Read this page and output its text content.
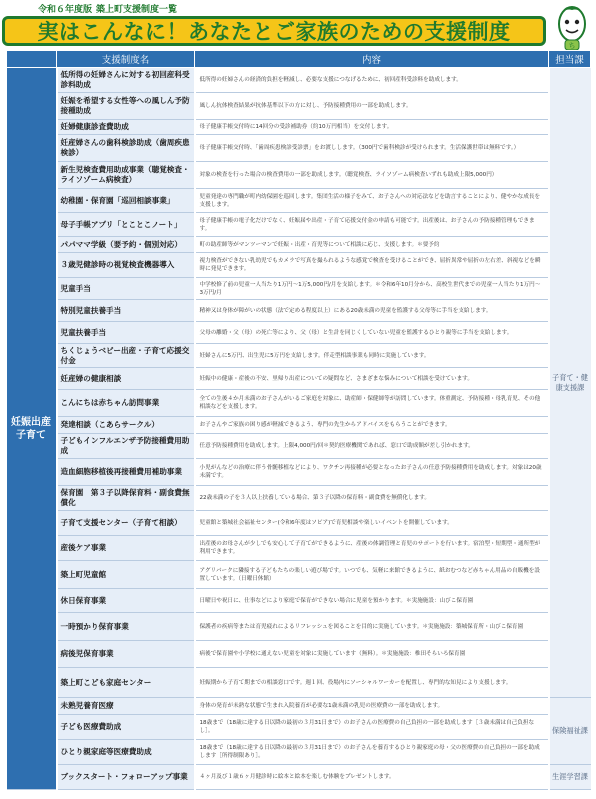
令和６年度版 築上町支援制度一覧
実はこんなに！あなたとご家族のための支援制度
ち
	支援制度名	内容	担当課
妊娠出産子育て	低所得の妊婦さんに対する初回産科受診料助成	低所得の妊婦さんの経済的負担を軽減し、必要な支援につなげるために、初回産科受診料を助成します。	子育て・健康支援課
	妊娠を希望する女性等への風しん予防接種助成	風しん抗体検査結果が抗体基準以下の方に対し、予防接種費用の一部を助成します。	
	妊婦健康診査費助成	母子健康手帳交付時に14回分の受診補助券（約10万円相当）を交付します。	
	妊産婦さんの歯科検診助成（歯周疾患検診）	母子健康手帳交付時、「歯周疾患検診受診票」をお渡しします。（300円で歯科検診が受けられます。生活保護世帯は無料です。）	
	新生児検査費用助成事業（聴覚検査・ライソゾーム病検査）	対象の検査を行った場合の検査費用の一部を助成します。（聴覚検査、ライソゾーム病検査いずれも助成上限5,000円）	
	幼稚園・保育園「巡回相談事業」	児童発達の専門職が町内幼保園を巡回します。集団生活の様子をみて、お子さんへの対応法などを助言することにより、健やかな成長を支援します。	
	母子手帳アプリ「とことこノート」	母子健康手帳の電子化だけでなく、妊娠届や出産・子育て応援交付金の申請も可能です。出産後は、お子さんの予防接種管理もできます。	
	パパママ学級（要予約・個別対応）	町の助産師等がマンツーマンで妊娠・出産・育児等について相談に応じ、支援します。＊要予約	
	３歳児健診時の視覚検査機器導入	視力検査ができない乳幼児でもカメラで写真を撮られるような感覚で検査を受けることができ、屈折異常や屈折の左右差、斜視などを瞬時に発見できます。	
	児童手当	中学校修了前の児童一人当たり1万円〜1万5,000円/月を支給します。＊令和6年10月分から、高校生世代までの児童一人当たり1万円〜3万円/月	
	特別児童扶養手当	精神又は身体が障がいの状態（法で定める程度以上）にある20歳未満の児童を監護する父母等に手当を支給します。	
	児童扶養手当	父母の離婚・父（母）の死亡等により、父（母）と生計を同じくしていない児童を監護するひとり親等に手当を支給します。	
	ちくじょうベビー出産・子育て応援交付金	妊婦さんに5万円、出生児に5万円を支給します。伴走型相談事業も同時に実施しています。	
	妊産婦の健康相談	妊娠中の健康・産後の不安、里帰り出産についての疑問など、さまざまな悩みについて相談を受けています。	
	こんにちは赤ちゃん訪問事業	全ての生後４か月未満のお子さんがいるご家庭を対象に、助産師・保健師等が訪問しています。体重測定、予防接種・母乳育児、その他相談などを支援します。	
	発達相談（こあらサークル）	お子さんやご家族の困り感が軽減できるよう、専門の先生からアドバイスをもらうことができます。	
	子どもインフルエンザ予防接種費用助成	任意予防接種費用を助成します。上限4,000円/回＊契約医療機関であれば、窓口で助成額が差し引かれます。	
	造血細胞移植後再接種費用補助事業	小児がんなどの治療に伴う骨髄移植などにより、ワクチン再接種が必要となったお子さんの任意予防接種費用を助成します。対象は20歳未満です。	
	保育園　第３子以降保育料・副食費無償化	22歳未満の子を３人以上扶養している場合、第３子以降の保育料・副食費を無償化します。	
	子育て支援センター（子育て相談）	児童館と築城社会福祉センター(令和6年度はソピア)で育児相談や楽しいイベントを開催しています。	
	産後ケア事業	出産後のお母さんが少しでも安心して子育てができるように、産後の体調管理と育児のサポートを行います。宿泊型・短期型・通所型が利用できます。	
	築上町児童館	アグリパークに隣接する子どもたちの楽しい遊び場です。いつでも、気軽に来館できるように、紙おむつなど赤ちゃん用品の自販機を設置しています。（日曜日休館）	
	休日保育事業	日曜日や祝日に、仕事などにより家庭で保育ができない場合に児童を預かります。＊実施施設：山びこ保育園	
	一時預かり保育事業	保護者の疾病等または育児疲れによるリフレッシュを図ることを目的に実施しています。＊実施施設：築城保育所・山びこ保育園	
	病後児保育事業	病後で保育園や小学校に通えない児童を対象に実施しています（無料）。＊実施施設：椎田そらいろ保育園	
	築上町こども家庭センター	妊娠期から子育て期までの相談窓口です。週１回、役場内にソーシャルワーカーを配置し、専門的な知見により支援します。	
	未熟児養育医療	身体の発育が未熟な状態で生まれ入院養育が必要な1歳未満の乳児の医療費の一部を助成します。	保険福祉課
	子ども医療費助成	18歳まで（18歳に達する日以降の最初の３月31日まで）のお子さんの医療費の自己負担の一部を助成します［３歳未満は自己負担なし］。	
	ひとり親家庭等医療費助成	18歳まで（18歳に達する日以降の最初の３月31日まで）のお子さんを養育するひとり親家庭の母・父の医療費の自己負担の一部を助成します［所得制限あり］。	
	ブックスタート・フォローアップ事業	４ヶ月及び１歳６ヶ月健診時に絵本と絵本を楽しむ体験をプレゼントします。	生涯学習課
